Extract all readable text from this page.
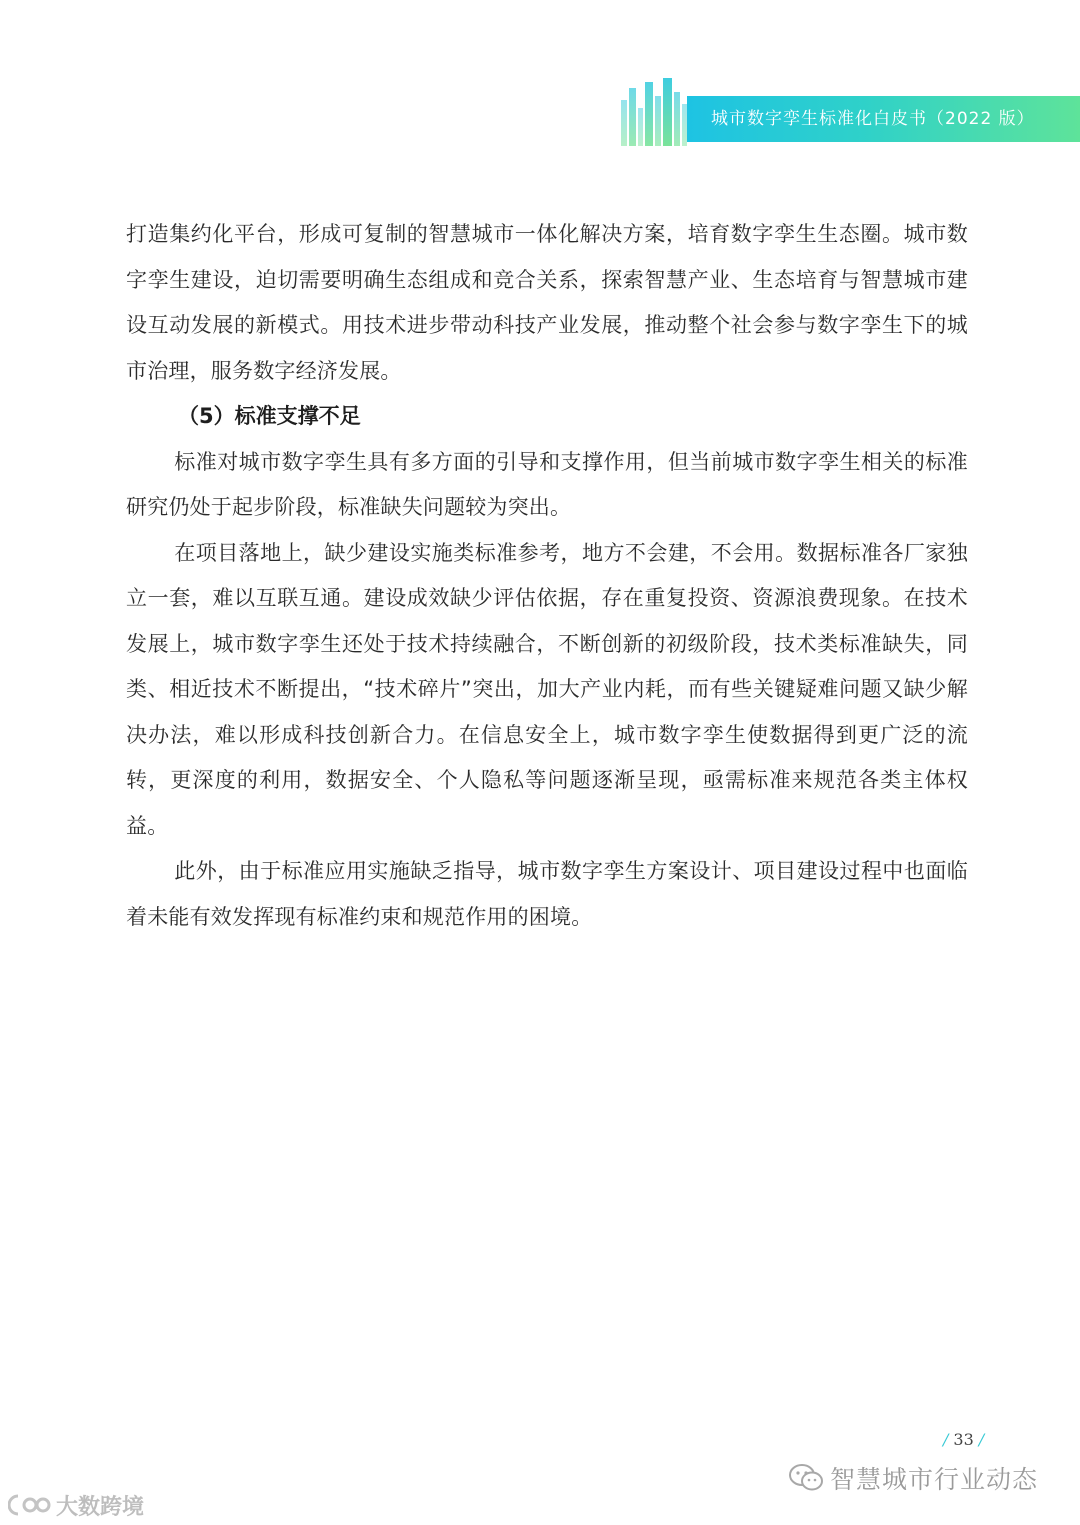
城市数字孪生标准化白皮书（2022 版）

打造集约化平台，形成可复制的智慧城市一体化解决方案，培育数字孪生生态圈。城市数字孪生建设，迫切需要明确生态组成和竞合关系，探索智慧产业、生态培育与智慧城市建设互动发展的新模式。用技术进步带动科技产业发展，推动整个社会参与数字孪生下的城市治理，服务数字经济发展。

（5）标准支撑不足

标准对城市数字孪生具有多方面的引导和支撑作用，但当前城市数字孪生相关的标准研究仍处于起步阶段，标准缺失问题较为突出。

在项目落地上，缺少建设实施类标准参考，地方不会建，不会用。数据标准各厂家独立一套，难以互联互通。建设成效缺少评估依据，存在重复投资、资源浪费现象。在技术发展上，城市数字孪生还处于技术持续融合，不断创新的初级阶段，技术类标准缺失，同类、相近技术不断提出，“技术碎片”突出，加大产业内耗，而有些关键疑难问题又缺少解决办法，难以形成科技创新合力。在信息安全上，城市数字孪生使数据得到更广泛的流转，更深度的利用，数据安全、个人隐私等问题逐渐呈现，亟需标准来规范各类主体权益。

此外，由于标准应用实施缺乏指导，城市数字孪生方案设计、项目建设过程中也面临着未能有效发挥现有标准约束和规范作用的困境。

/ 33 /
智慧城市行业动态
大数跨境
